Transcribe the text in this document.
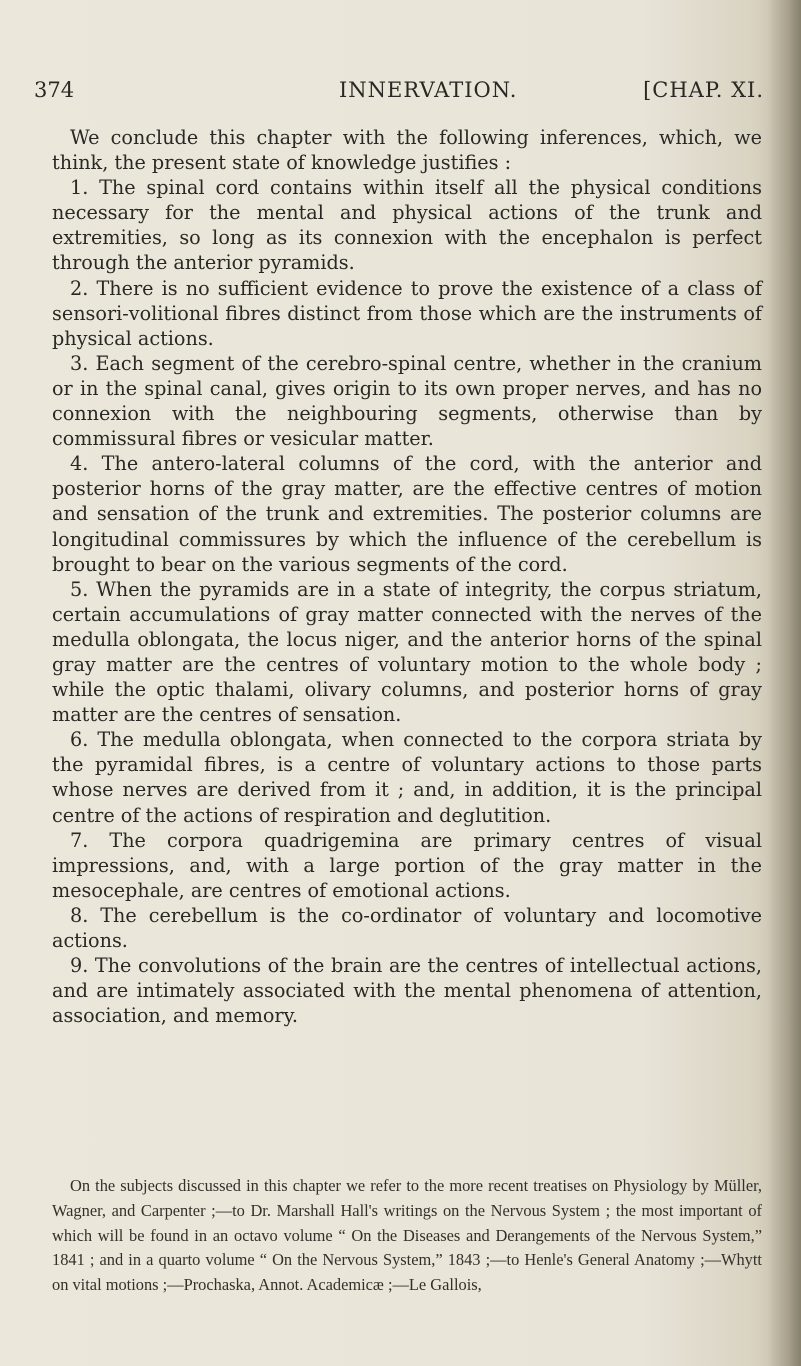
374	INNERVATION.	[CHAP. XI.

We conclude this chapter with the following inferences, which, we think, the present state of knowledge justifies :

1. The spinal cord contains within itself all the physical conditions necessary for the mental and physical actions of the trunk and extremities, so long as its connexion with the encephalon is perfect through the anterior pyramids.

2. There is no sufficient evidence to prove the existence of a class of sensori-volitional fibres distinct from those which are the instruments of physical actions.

3. Each segment of the cerebro-spinal centre, whether in the cranium or in the spinal canal, gives origin to its own proper nerves, and has no connexion with the neighbouring segments, otherwise than by commissural fibres or vesicular matter.

4. The antero-lateral columns of the cord, with the anterior and posterior horns of the gray matter, are the effective centres of motion and sensation of the trunk and extremities. The posterior columns are longitudinal commissures by which the influence of the cerebellum is brought to bear on the various segments of the cord.

5. When the pyramids are in a state of integrity, the corpus striatum, certain accumulations of gray matter connected with the nerves of the medulla oblongata, the locus niger, and the anterior horns of the spinal gray matter are the centres of voluntary motion to the whole body ; while the optic thalami, olivary columns, and posterior horns of gray matter are the centres of sensation.

6. The medulla oblongata, when connected to the corpora striata by the pyramidal fibres, is a centre of voluntary actions to those parts whose nerves are derived from it ; and, in addition, it is the principal centre of the actions of respiration and deglutition.

7. The corpora quadrigemina are primary centres of visual impressions, and, with a large portion of the gray matter in the mesocephale, are centres of emotional actions.

8. The cerebellum is the co-ordinator of voluntary and locomotive actions.

9. The convolutions of the brain are the centres of intellectual actions, and are intimately associated with the mental phenomena of attention, association, and memory.

On the subjects discussed in this chapter we refer to the more recent treatises on Physiology by Müller, Wagner, and Carpenter ;—to Dr. Marshall Hall's writings on the Nervous System ; the most important of which will be found in an octavo volume “ On the Diseases and Derangements of the Nervous System,” 1841 ; and in a quarto volume “ On the Nervous System,” 1843 ;—to Henle's General Anatomy ;—Whytt on vital motions ;—Prochaska, Annot. Academicæ ;—Le Gallois,
